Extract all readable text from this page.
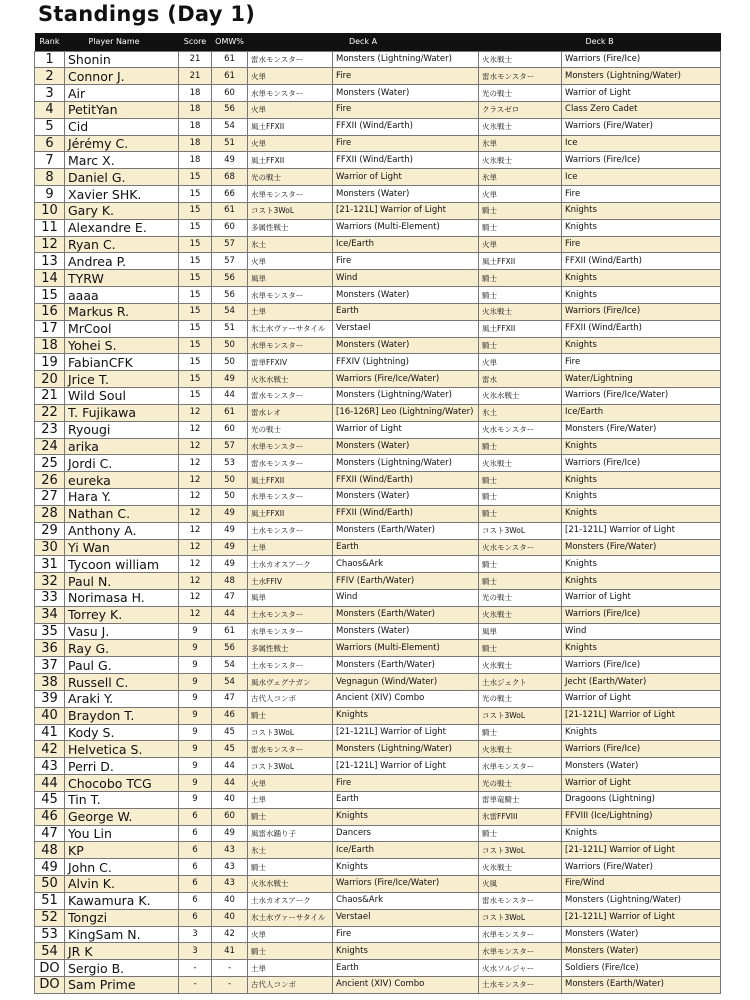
Standings (Day 1)
Rank	Player Name	Score	OMW%	Deck A		Deck B	
1	Shonin	21	61	雷水モンスター	Monsters (Lightning/Water)	火氷戦士	Warriors (Fire/Ice)
2	Connor J.	21	61	火単	Fire	雷水モンスター	Monsters (Lightning/Water)
3	Air	18	60	水単モンスター	Monsters (Water)	光の戦士	Warrior of Light
4	PetitYan	18	56	火単	Fire	クラスゼロ	Class Zero Cadet
5	Cid	18	54	風土FFXII	FFXII (Wind/Earth)	火氷戦士	Warriors (Fire/Water)
6	Jérémy C.	18	51	火単	Fire	氷単	Ice
7	Marc X.	18	49	風土FFXII	FFXII (Wind/Earth)	火氷戦士	Warriors (Fire/Ice)
8	Daniel G.	15	68	光の戦士	Warrior of Light	氷単	Ice
9	Xavier SHK.	15	66	水単モンスター	Monsters (Water)	火単	Fire
10	Gary K.	15	61	コスト3WoL	[21-121L] Warrior of Light	騎士	Knights
11	Alexandre E.	15	60	多属性戦士	Warriors (Multi-Element)	騎士	Knights
12	Ryan C.	15	57	氷土	Ice/Earth	火単	Fire
13	Andrea P.	15	57	火単	Fire	風土FFXII	FFXII (Wind/Earth)
14	TYRW	15	56	風単	Wind	騎士	Knights
15	aaaa	15	56	水単モンスター	Monsters (Water)	騎士	Knights
16	Markus R.	15	54	土単	Earth	火氷戦士	Warriors (Fire/Ice)
17	MrCool	15	51	氷土水ヴァーサタイル	Verstael	風土FFXII	FFXII (Wind/Earth)
18	Yohei S.	15	50	水単モンスター	Monsters (Water)	騎士	Knights
19	FabianCFK	15	50	雷単FFXIV	FFXIV (Lightning)	火単	Fire
20	Jrice T.	15	49	火氷水戦士	Warriors (Fire/Ice/Water)	雷水	Water/Lightning
21	Wild Soul	15	44	雷水モンスター	Monsters (Lightning/Water)	火氷水戦士	Warriors (Fire/Ice/Water)
22	T. Fujikawa	12	61	雷水レオ	[16-126R] Leo (Lightning/Water)	氷土	Ice/Earth
23	Ryougi	12	60	光の戦士	Warrior of Light	火水モンスター	Monsters (Fire/Water)
24	arika	12	57	水単モンスター	Monsters (Water)	騎士	Knights
25	Jordi C.	12	53	雷水モンスター	Monsters (Lightning/Water)	火氷戦士	Warriors (Fire/Ice)
26	eureka	12	50	風土FFXII	FFXII (Wind/Earth)	騎士	Knights
27	Hara Y.	12	50	水単モンスター	Monsters (Water)	騎士	Knights
28	Nathan C.	12	49	風土FFXII	FFXII (Wind/Earth)	騎士	Knights
29	Anthony A.	12	49	土水モンスター	Monsters (Earth/Water)	コスト3WoL	[21-121L] Warrior of Light
30	Yi Wan	12	49	土単	Earth	火水モンスター	Monsters (Fire/Water)
31	Tycoon william	12	49	土水カオスアーク	Chaos&Ark	騎士	Knights
32	Paul N.	12	48	土水FFIV	FFIV (Earth/Water)	騎士	Knights
33	Norimasa H.	12	47	風単	Wind	光の戦士	Warrior of Light
34	Torrey K.	12	44	土水モンスター	Monsters (Earth/Water)	火氷戦士	Warriors (Fire/Ice)
35	Vasu J.	9	61	水単モンスター	Monsters (Water)	風単	Wind
36	Ray G.	9	56	多属性戦士	Warriors (Multi-Element)	騎士	Knights
37	Paul G.	9	54	土水モンスター	Monsters (Earth/Water)	火氷戦士	Warriors (Fire/Ice)
38	Russell C.	9	54	風水ヴェグナガン	Vegnagun (Wind/Water)	土水ジェクト	Jecht (Earth/Water)
39	Araki Y.	9	47	古代人コンボ	Ancient (XIV) Combo	光の戦士	Warrior of Light
40	Braydon T.	9	46	騎士	Knights	コスト3WoL	[21-121L] Warrior of Light
41	Kody S.	9	45	コスト3WoL	[21-121L] Warrior of Light	騎士	Knights
42	Helvetica S.	9	45	雷水モンスター	Monsters (Lightning/Water)	火氷戦士	Warriors (Fire/Ice)
43	Perri D.	9	44	コスト3WoL	[21-121L] Warrior of Light	水単モンスター	Monsters (Water)
44	Chocobo TCG	9	44	火単	Fire	光の戦士	Warrior of Light
45	Tin T.	9	40	土単	Earth	雷単竜騎士	Dragoons (Lightning)
46	George W.	6	60	騎士	Knights	氷雷FFVIII	FFVIII (Ice/Lightning)
47	You Lin	6	49	風雷水踊り子	Dancers	騎士	Knights
48	KP	6	43	氷土	Ice/Earth	コスト3WoL	[21-121L] Warrior of Light
49	John C.	6	43	騎士	Knights	火氷戦士	Warriors (Fire/Water)
50	Alvin K.	6	43	火氷水戦士	Warriors (Fire/Ice/Water)	火風	Fire/Wind
51	Kawamura K.	6	40	土水カオスアーク	Chaos&Ark	雷水モンスター	Monsters (Lightning/Water)
52	Tongzi	6	40	氷土水ヴァーサタイル	Verstael	コスト3WoL	[21-121L] Warrior of Light
53	KingSam N.	3	42	火単	Fire	水単モンスター	Monsters (Water)
54	JR K	3	41	騎士	Knights	水単モンスター	Monsters (Water)
DO	Sergio B.	-	-	土単	Earth	火水ソルジャー	Soldiers (Fire/Ice)
DO	Sam Prime	-	-	古代人コンボ	Ancient (XIV) Combo	土水モンスター	Monsters (Earth/Water)
